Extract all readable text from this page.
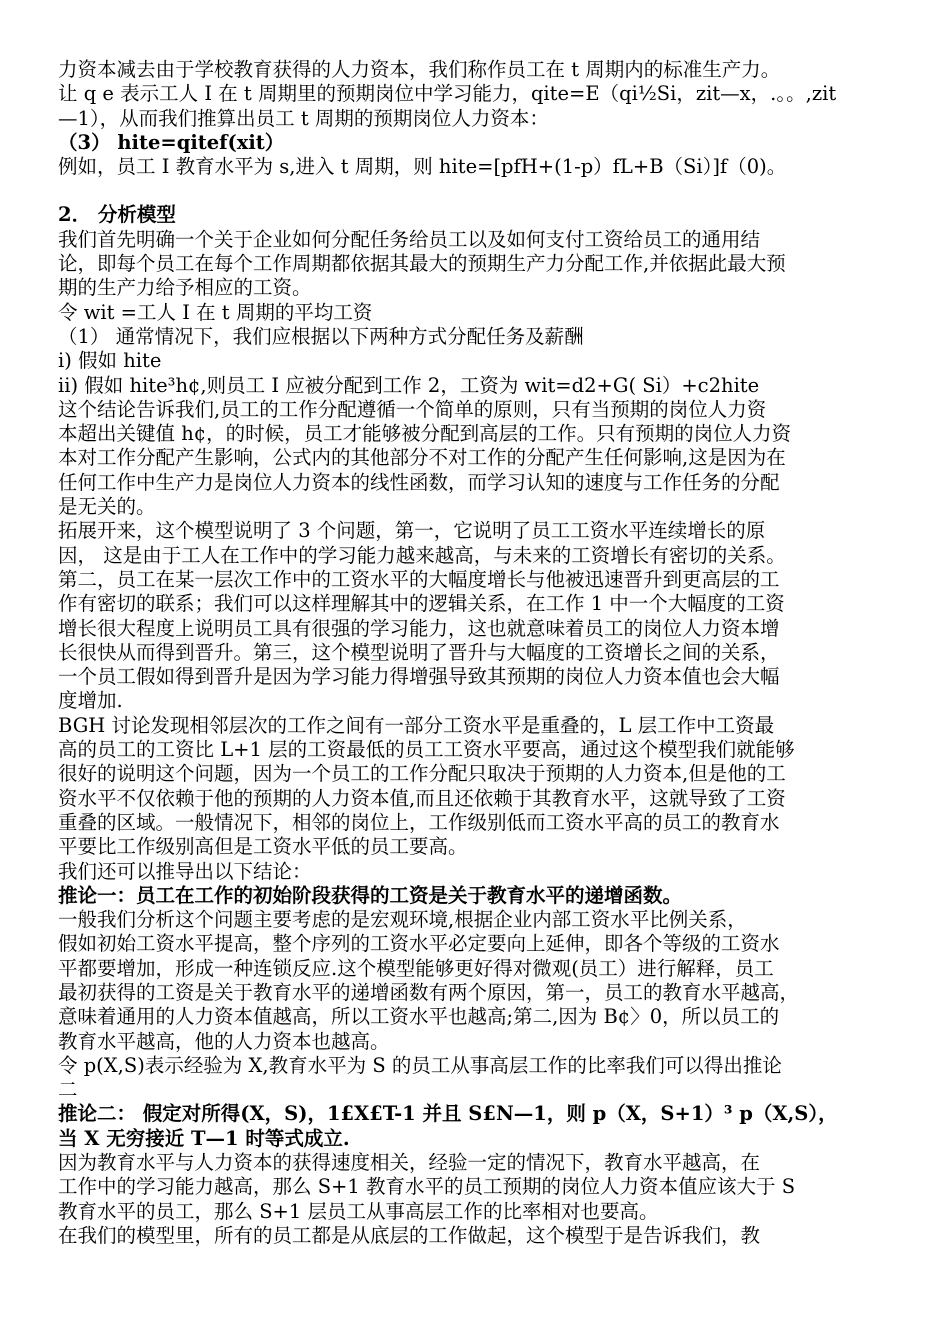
力资本减去由于学校教育获得的人力资本，我们称作员工在 t 周期内的标准生产力。
让 q e 表示工人 I 在 t 周期里的预期岗位中学习能力，qite=E（qi½Si，zit—x，.。。,zit
—1），从而我们推算出员工 t 周期的预期岗位人力资本：
（3） hite=qitef(xit）
例如，员工 I 教育水平为 s,进入 t 周期，则 hite=[pfH+(1-p）fL+B（Si）]f（0)。
2． 分析模型
我们首先明确一个关于企业如何分配任务给员工以及如何支付工资给员工的通用结
论，即每个员工在每个工作周期都依据其最大的预期生产力分配工作,并依据此最大预
期的生产力给予相应的工资。
令 wit =工人 I 在 t 周期的平均工资
（1） 通常情况下，我们应根据以下两种方式分配任务及薪酬
i) 假如 hite
ii) 假如 hite³h¢,则员工 I 应被分配到工作 2，工资为 wit=d2+G( Si）+c2hite
这个结论告诉我们,员工的工作分配遵循一个简单的原则，只有当预期的岗位人力资
本超出关键值 h¢，的时候，员工才能够被分配到高层的工作。只有预期的岗位人力资
本对工作分配产生影响，公式内的其他部分不对工作的分配产生任何影响,这是因为在
任何工作中生产力是岗位人力资本的线性函数，而学习认知的速度与工作任务的分配
是无关的。
拓展开来，这个模型说明了 3 个问题，第一，它说明了员工工资水平连续增长的原
因， 这是由于工人在工作中的学习能力越来越高，与未来的工资增长有密切的关系。
第二，员工在某一层次工作中的工资水平的大幅度增长与他被迅速晋升到更高层的工
作有密切的联系；我们可以这样理解其中的逻辑关系，在工作 1 中一个大幅度的工资
增长很大程度上说明员工具有很强的学习能力，这也就意味着员工的岗位人力资本增
长很快从而得到晋升。第三，这个模型说明了晋升与大幅度的工资增长之间的关系，
一个员工假如得到晋升是因为学习能力得增强导致其预期的岗位人力资本值也会大幅
度增加.
BGH 讨论发现相邻层次的工作之间有一部分工资水平是重叠的，L 层工作中工资最
高的员工的工资比 L+1 层的工资最低的员工工资水平要高，通过这个模型我们就能够
很好的说明这个问题，因为一个员工的工作分配只取决于预期的人力资本,但是他的工
资水平不仅依赖于他的预期的人力资本值,而且还依赖于其教育水平，这就导致了工资
重叠的区域。一般情况下，相邻的岗位上，工作级别低而工资水平高的员工的教育水
平要比工作级别高但是工资水平低的员工要高。
我们还可以推导出以下结论：
推论一：员工在工作的初始阶段获得的工资是关于教育水平的递增函数。
一般我们分析这个问题主要考虑的是宏观环境,根据企业内部工资水平比例关系，
假如初始工资水平提高，整个序列的工资水平必定要向上延伸，即各个等级的工资水
平都要增加，形成一种连锁反应.这个模型能够更好得对微观(员工）进行解释，员工
最初获得的工资是关于教育水平的递增函数有两个原因，第一，员工的教育水平越高，
意味着通用的人力资本值越高，所以工资水平也越高;第二,因为 B¢〉0，所以员工的
教育水平越高，他的人力资本也越高。
令 p(X,S)表示经验为 X,教育水平为 S 的员工从事高层工作的比率我们可以得出推论
二
推论二： 假定对所得(X，S)，1£X£T-1 并且 S£N—1，则 p（X，S+1）³ p（X,S），
当 X 无穷接近 T—1 时等式成立.
因为教育水平与人力资本的获得速度相关，经验一定的情况下，教育水平越高，在
工作中的学习能力越高，那么 S+1 教育水平的员工预期的岗位人力资本值应该大于 S
教育水平的员工，那么 S+1 层员工从事高层工作的比率相对也要高。
在我们的模型里，所有的员工都是从底层的工作做起，这个模型于是告诉我们，教
